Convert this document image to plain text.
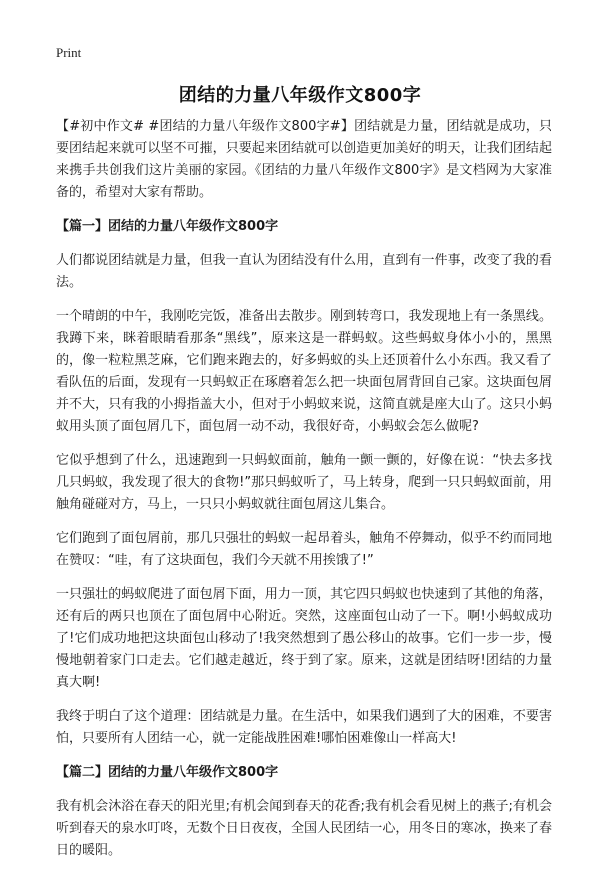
Print
团结的力量八年级作文800字

【#初中作文# #团结的力量八年级作文800字#】团结就是力量，团结就是成功，只要团结起来就可以坚不可摧，只要起来团结就可以创造更加美好的明天，让我们团结起来携手共创我们这片美丽的家园。《团结的力量八年级作文800字》是文档网为大家准备的，希望对大家有帮助。

【篇一】团结的力量八年级作文800字

人们都说团结就是力量，但我一直认为团结没有什么用，直到有一件事，改变了我的看法。

一个晴朗的中午，我刚吃完饭，准备出去散步。刚到转弯口，我发现地上有一条黑线。我蹲下来，眯着眼睛看那条“黑线”，原来这是一群蚂蚁。这些蚂蚁身体小小的，黑黑的，像一粒粒黑芝麻，它们跑来跑去的，好多蚂蚁的头上还顶着什么小东西。我又看了看队伍的后面，发现有一只蚂蚁正在琢磨着怎么把一块面包屑背回自己家。这块面包屑并不大，只有我的小拇指盖大小，但对于小蚂蚁来说，这简直就是座大山了。这只小蚂蚁用头顶了面包屑几下，面包屑一动不动，我很好奇，小蚂蚁会怎么做呢?

它似乎想到了什么，迅速跑到一只蚂蚁面前，触角一颤一颤的，好像在说：“快去多找几只蚂蚁，我发现了很大的食物!”那只蚂蚁听了，马上转身，爬到一只只蚂蚁面前，用触角碰碰对方，马上，一只只小蚂蚁就往面包屑这儿集合。

它们跑到了面包屑前，那几只强壮的蚂蚁一起昂着头，触角不停舞动，似乎不约而同地在赞叹：“哇，有了这块面包，我们今天就不用挨饿了!”

一只强壮的蚂蚁爬进了面包屑下面，用力一顶，其它四只蚂蚁也快速到了其他的角落，还有后的两只也顶在了面包屑中心附近。突然，这座面包山动了一下。啊!小蚂蚁成功了!它们成功地把这块面包山移动了!我突然想到了愚公移山的故事。它们一步一步，慢慢地朝着家门口走去。它们越走越近，终于到了家。原来，这就是团结呀!团结的力量真大啊!

我终于明白了这个道理：团结就是力量。在生活中，如果我们遇到了大的困难，不要害怕，只要所有人团结一心，就一定能战胜困难!哪怕困难像山一样高大!

【篇二】团结的力量八年级作文800字

我有机会沐浴在春天的阳光里;有机会闻到春天的花香;我有机会看见树上的燕子;有机会听到春天的泉水叮咚，无数个日日夜夜，全国人民团结一心，用冬日的寒冰，换来了春日的暖阳。
